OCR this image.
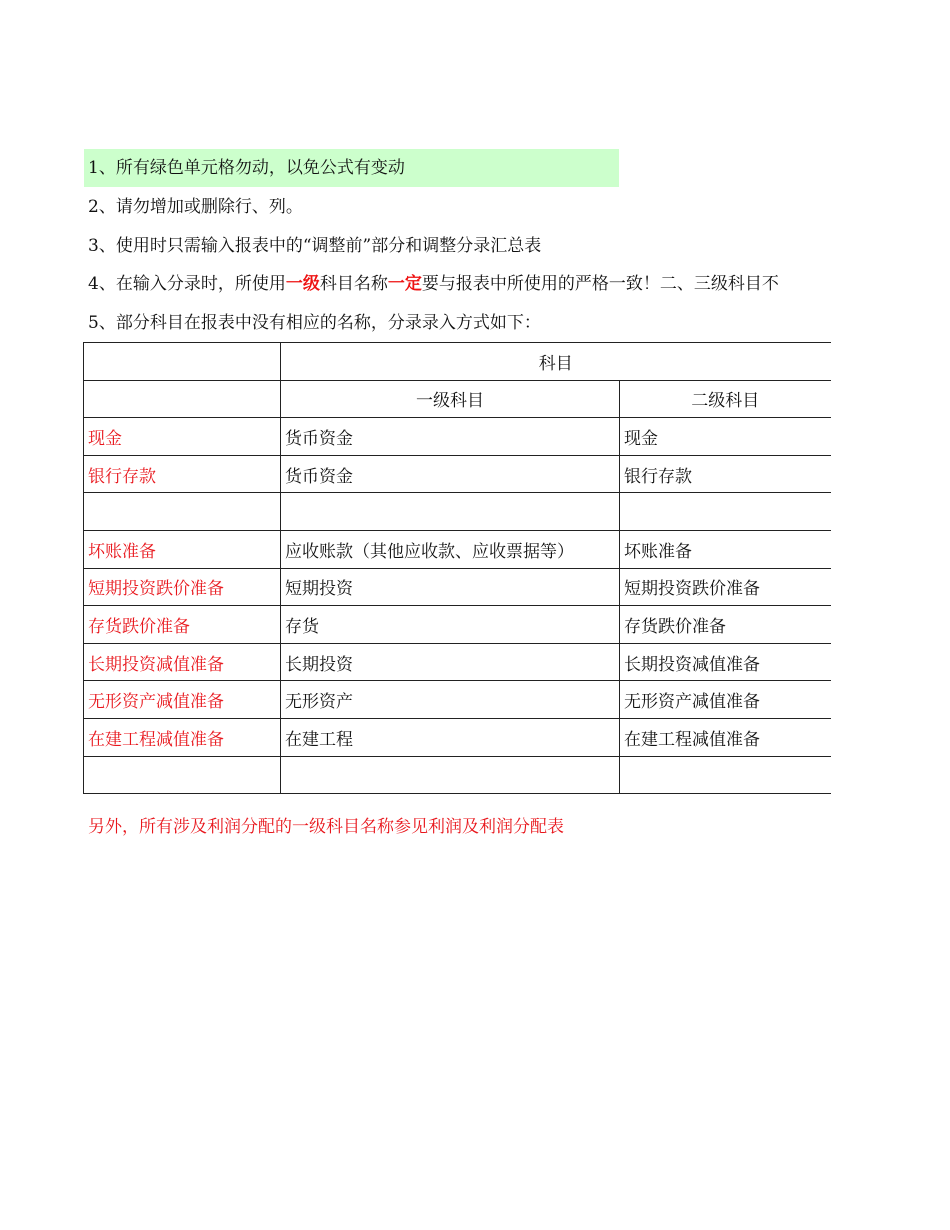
1、所有绿色单元格勿动，以免公式有变动
2、请勿增加或删除行、列。
3、使用时只需输入报表中的“调整前”部分和调整分录汇总表
4、在输入分录时，所使用一级科目名称一定要与报表中所使用的严格一致！二、三级科目不
5、部分科目在报表中没有相应的名称，分录录入方式如下：
	科目	
	一级科目	二级科目
现金	货币资金	现金
银行存款	货币资金	银行存款

坏账准备	应收账款（其他应收款、应收票据等）	坏账准备
短期投资跌价准备	短期投资	短期投资跌价准备
存货跌价准备	存货	存货跌价准备
长期投资减值准备	长期投资	长期投资减值准备
无形资产减值准备	无形资产	无形资产减值准备
在建工程减值准备	在建工程	在建工程减值准备

另外，所有涉及利润分配的一级科目名称参见利润及利润分配表
